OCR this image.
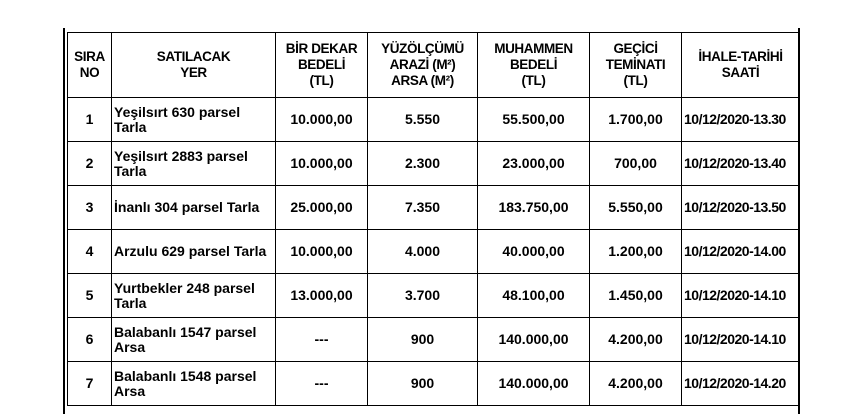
SIRA
NO	SATILACAK
YER	BİR DEKAR
BEDELİ
(TL)	YÜZÖLÇÜMÜ
ARAZİ (M²)
ARSA (M²)	MUHAMMEN
BEDELİ
(TL)	GEÇİCİ
TEMİNATI
(TL)	İHALE-TARİHİ
SAATİ

1	Yeşilsırt 630 parsel Tarla	10.000,00	5.550	55.500,00	1.700,00	10/12/2020-13.30
2	Yeşilsırt 2883 parsel Tarla	10.000,00	2.300	23.000,00	700,00	10/12/2020-13.40
3	İnanlı 304 parsel Tarla	25.000,00	7.350	183.750,00	5.550,00	10/12/2020-13.50
4	Arzulu 629 parsel Tarla	10.000,00	4.000	40.000,00	1.200,00	10/12/2020-14.00
5	Yurtbekler 248 parsel Tarla	13.000,00	3.700	48.100,00	1.450,00	10/12/2020-14.10
6	Balabanlı 1547 parsel Arsa	---	900	140.000,00	4.200,00	10/12/2020-14.10
7	Balabanlı 1548 parsel Arsa	---	900	140.000,00	4.200,00	10/12/2020-14.20
